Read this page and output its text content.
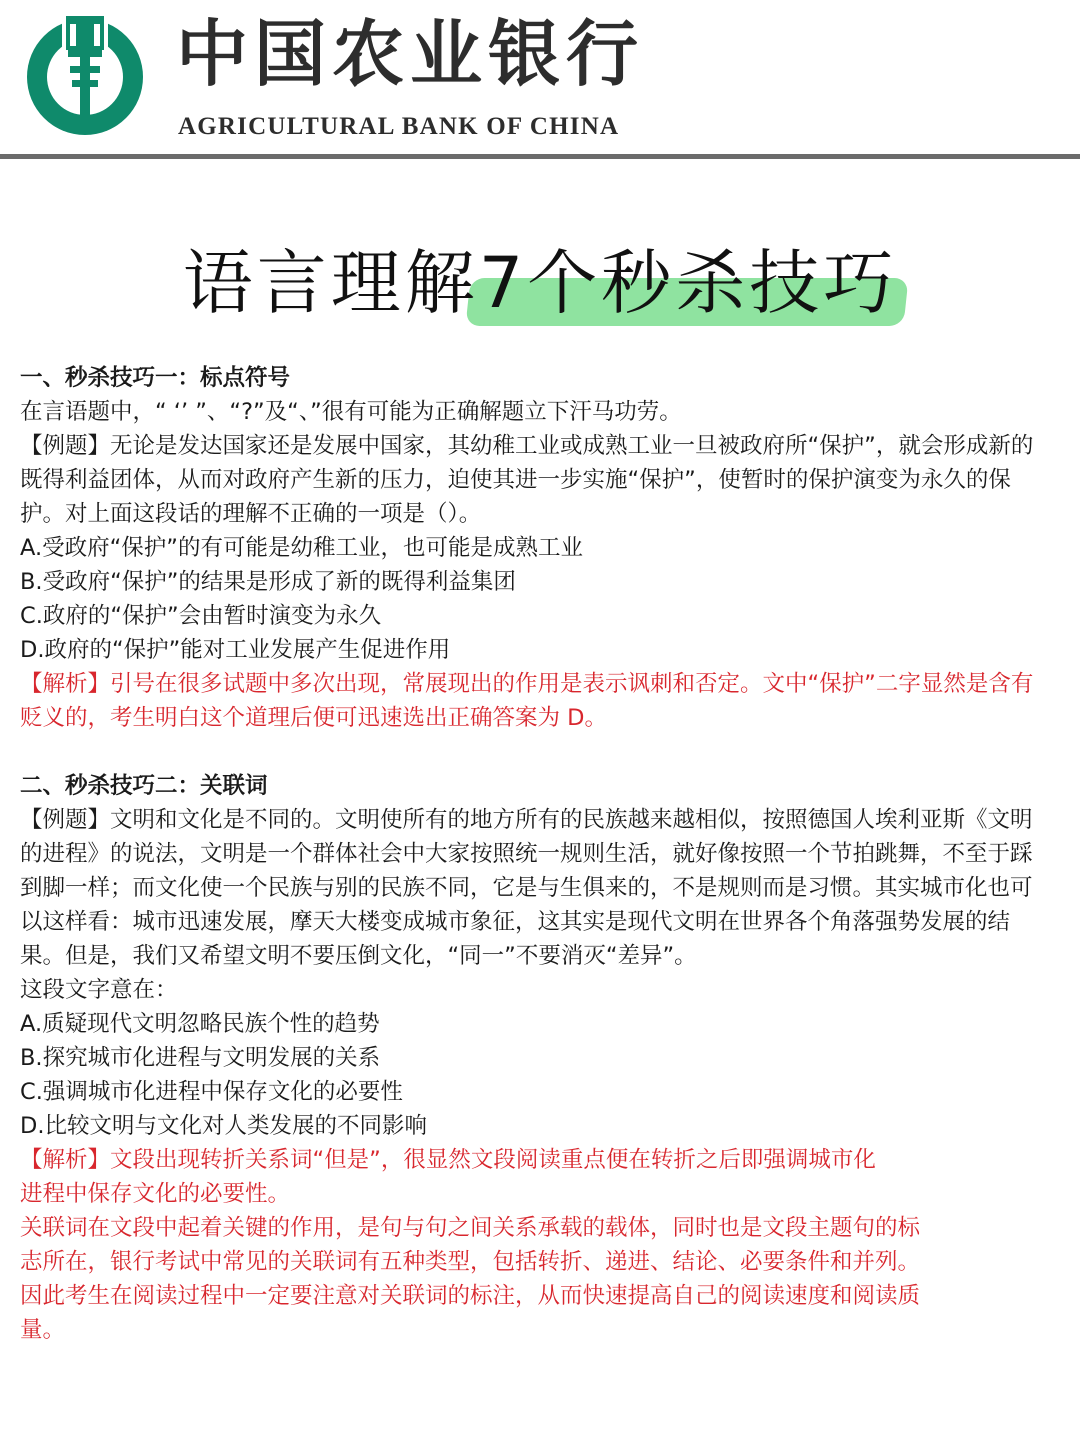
中国农业银行
AGRICULTURAL BANK OF CHINA
语言理解7个秒杀技巧

一、秒杀技巧一：标点符号

在言语题中，“ ‘’ ”、“?”及“、”很有可能为正确解题立下汗马功劳。

【例题】无论是发达国家还是发展中国家，其幼稚工业或成熟工业一旦被政府所“保护”，就会形成新的既得利益团体，从而对政府产生新的压力，迫使其进一步实施“保护”，使暂时的保护演变为永久的保护。对上面这段话的理解不正确的一项是（）。

A.受政府“保护”的有可能是幼稚工业，也可能是成熟工业

B.受政府“保护”的结果是形成了新的既得利益集团

C.政府的“保护”会由暂时演变为永久

D.政府的“保护”能对工业发展产生促进作用

【解析】引号在很多试题中多次出现，常展现出的作用是表示讽刺和否定。文中“保护”二字显然是含有贬义的，考生明白这个道理后便可迅速选出正确答案为 D。

二、秒杀技巧二：关联词

【例题】文明和文化是不同的。文明使所有的地方所有的民族越来越相似，按照德国人埃利亚斯《文明的进程》的说法，文明是一个群体社会中大家按照统一规则生活，就好像按照一个节拍跳舞，不至于踩到脚一样；而文化使一个民族与别的民族不同，它是与生俱来的，不是规则而是习惯。其实城市化也可以这样看：城市迅速发展，摩天大楼变成城市象征，这其实是现代文明在世界各个角落强势发展的结果。但是，我们又希望文明不要压倒文化，“同一”不要消灭“差异”。

这段文字意在：

A.质疑现代文明忽略民族个性的趋势

B.探究城市化进程与文明发展的关系

C.强调城市化进程中保存文化的必要性

D.比较文明与文化对人类发展的不同影响

【解析】文段出现转折关系词“但是”，很显然文段阅读重点便在转折之后即强调城市化进程中保存文化的必要性。

关联词在文段中起着关键的作用，是句与句之间关系承载的载体，同时也是文段主题句的标志所在，银行考试中常见的关联词有五种类型，包括转折、递进、结论、必要条件和并列。因此考生在阅读过程中一定要注意对关联词的标注，从而快速提高自己的阅读速度和阅读质量。
